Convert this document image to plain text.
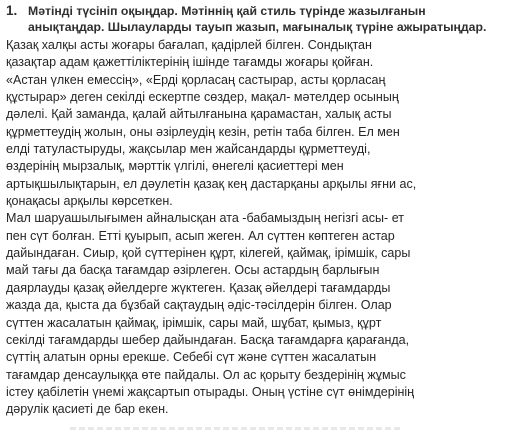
1. Мәтінді түсініп оқыңдар. Мәтіннің қай стиль түрінде жазылғанын
анықтаңдар. Шылауларды тауып жазып, мағыналық түріне ажыратыңдар.
Қазақ халқы асты жоғары бағалап, қадірлей білген. Сондықтан
қазақтар адам қажеттіліктерінің ішінде тағамды жоғары қойған.
«Астан үлкен емессің», «Ерді қорласаң састырар, асты қорласаң
құстырар» деген секілді ескертпе сөздер, мақал- мәтелдер осының
дәлелі. Қай заманда, қалай айтылғанына қарамастан, халық асты
құрметтеудің жолын, оны әзірлеудің кезін, ретін таба білген. Ел мен
елді татуластыруды, жақсылар мен жайсандарды құрметтеуді,
өздерінің мырзалық, мәрттік үлгілі, өнегелі қасиеттері мен
артықшылықтарын, ел дәулетін қазақ кең дастарқаны арқылы яғни ас,
қонақасы арқылы көрсеткен.
Мал шаруашылығымен айналысқан ата -бабамыздың негізгі асы- ет
пен сүт болған. Етті қуырып, асып жеген. Ал сүттен көптеген астар
дайындаған. Сиыр, қой сүттерінен құрт, кілегей, қаймақ, ірімшік, сары
май тағы да басқа тағамдар әзірлеген. Осы астардың барлығын
даярлауды қазақ әйелдерге жүктеген. Қазақ әйелдері тағамдарды
жазда да, қыста да бұзбай сақтаудың әдіс-тәсілдерін білген. Олар
сүттен жасалатын қаймақ, ірімшік, сары май, шұбат, қымыз, құрт
секілді тағамдарды шебер дайындаған. Басқа тағамдарға қарағанда,
сүттің алатын орны ерекше. Себебі сүт және сүттен жасалатын
тағамдар денсаулыққа өте пайдалы. Ол ас қорыту бездерінің жұмыс
істеу қабілетін үнемі жақсартып отырады. Оның үстіне сүт өнімдерінің
дәрулік қасиеті де бар екен.
